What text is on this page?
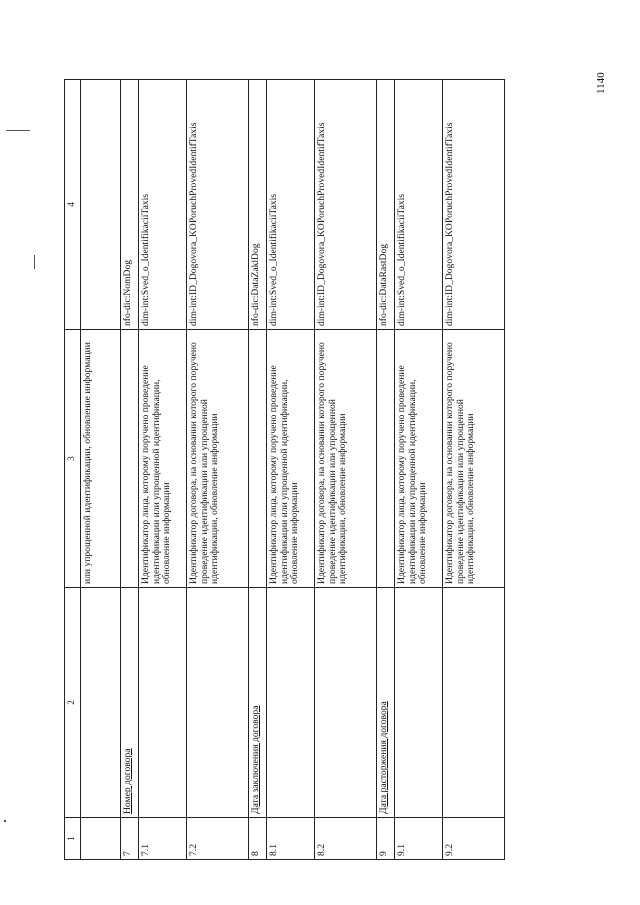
1140
1	2	3	4
		или упрощенной идентификации, обновление информации	
7	Номер договора		nfo-dic:NomDog
7.1		Идентификатор лица, которому поручено проведение идентификации или упрощенной идентификации, обновление информации	dim-int:Sved_o_IdentifikaciiTaxis
7.2		Идентификатор договора, на основании которого поручено проведение идентификации или упрощенной идентификации, обновление информации	dim-int:ID_Dogovora_KOPoruchProvedIdentifTaxis
8	Дата заключения договора		nfo-dic:DataZaklDog
8.1		Идентификатор лица, которому поручено проведение идентификации или упрощенной идентификации, обновление информации	dim-int:Sved_o_IdentifikaciiTaxis
8.2		Идентификатор договора, на основании которого поручено проведение идентификации или упрощенной идентификации, обновление информации	dim-int:ID_Dogovora_KOPoruchProvedIdentifTaxis
9	Дата расторжения договора		nfo-dic:DataRastDog
9.1		Идентификатор лица, которому поручено проведение идентификации или упрощенной идентификации, обновление информации	dim-int:Sved_o_IdentifikaciiTaxis
9.2		Идентификатор договора, на основании которого поручено проведение идентификации или упрощенной идентификации, обновление информации	dim-int:ID_Dogovora_KOPoruchProvedIdentifTaxis
